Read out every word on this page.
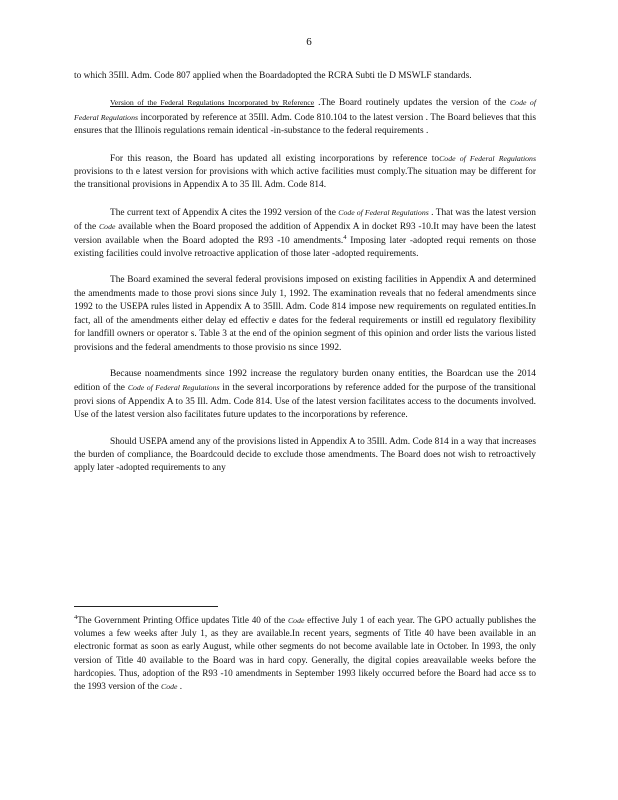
6

to which 35Ill. Adm. Code 807 applied when the Boardadopted the RCRA Subti tle D MSWLF standards.

Version of the Federal Regulations Incorporated by Reference .The Board routinely updates the version of the Code of Federal Regulations incorporated by reference at 35Ill. Adm. Code 810.104 to the latest version . The Board believes that this ensures that the Illinois regulations remain identical -in-substance to the federal requirements .

For this reason, the Board has updated all existing incorporations by reference toCode of Federal Regulations provisions to th e latest version for provisions with which active facilities must comply.The situation may be different for the transitional provisions in Appendix A to 35 Ill. Adm. Code 814.

The current text of Appendix A cites the 1992 version of the Code of Federal Regulations . That was the latest version of the Code available when the Board proposed the addition of Appendix A in docket R93 -10.It may have been the latest version available when the Board adopted the R93 -10 amendments.$^4$ Imposing later -adopted requi rements on those existing facilities could involve retroactive application of those later -adopted requirements.

The Board examined the several federal provisions imposed on existing facilities in Appendix A and determined the amendments made to those provi sions since July 1, 1992. The examination reveals that no federal amendments since 1992 to the USEPA rules listed in Appendix A to 35Ill. Adm. Code 814 impose new requirements on regulated entities.In fact, all of the amendments either delay ed effectiv e dates for the federal requirements or instill ed regulatory flexibility for landfill owners or operator s. Table 3 at the end of the opinion segment of this opinion and order lists the various listed provisions and the federal amendments to those provisio ns since 1992.

Because noamendments since 1992 increase the regulatory burden onany entities, the Boardcan use the 2014 edition of the Code of Federal Regulations in the several incorporations by reference added for the purpose of the transitional provi sions of Appendix A to 35 Ill. Adm. Code 814. Use of the latest version facilitates access to the documents involved. Use of the latest version also facilitates future updates to the incorporations by reference.

Should USEPA amend any of the provisions listed in Appendix A to 35Ill. Adm. Code 814 in a way that increases the burden of compliance, the Boardcould decide to exclude those amendments. The Board does not wish to retroactively apply later -adopted requirements to any

$^4$The Government Printing Office updates Title 40 of the Code effective July 1 of each year. The GPO actually publishes the volumes a few weeks after July 1, as they are available.In recent years, segments of Title 40 have been available in an electronic format as soon as early August, while other segments do not become available late in October. In 1993, the only version of Title 40 available to the Board was in hard copy. Generally, the digital copies areavailable weeks before the hardcopies. Thus, adoption of the R93 -10 amendments in September 1993 likely occurred before the Board had acce ss to the 1993 version of the Code .
